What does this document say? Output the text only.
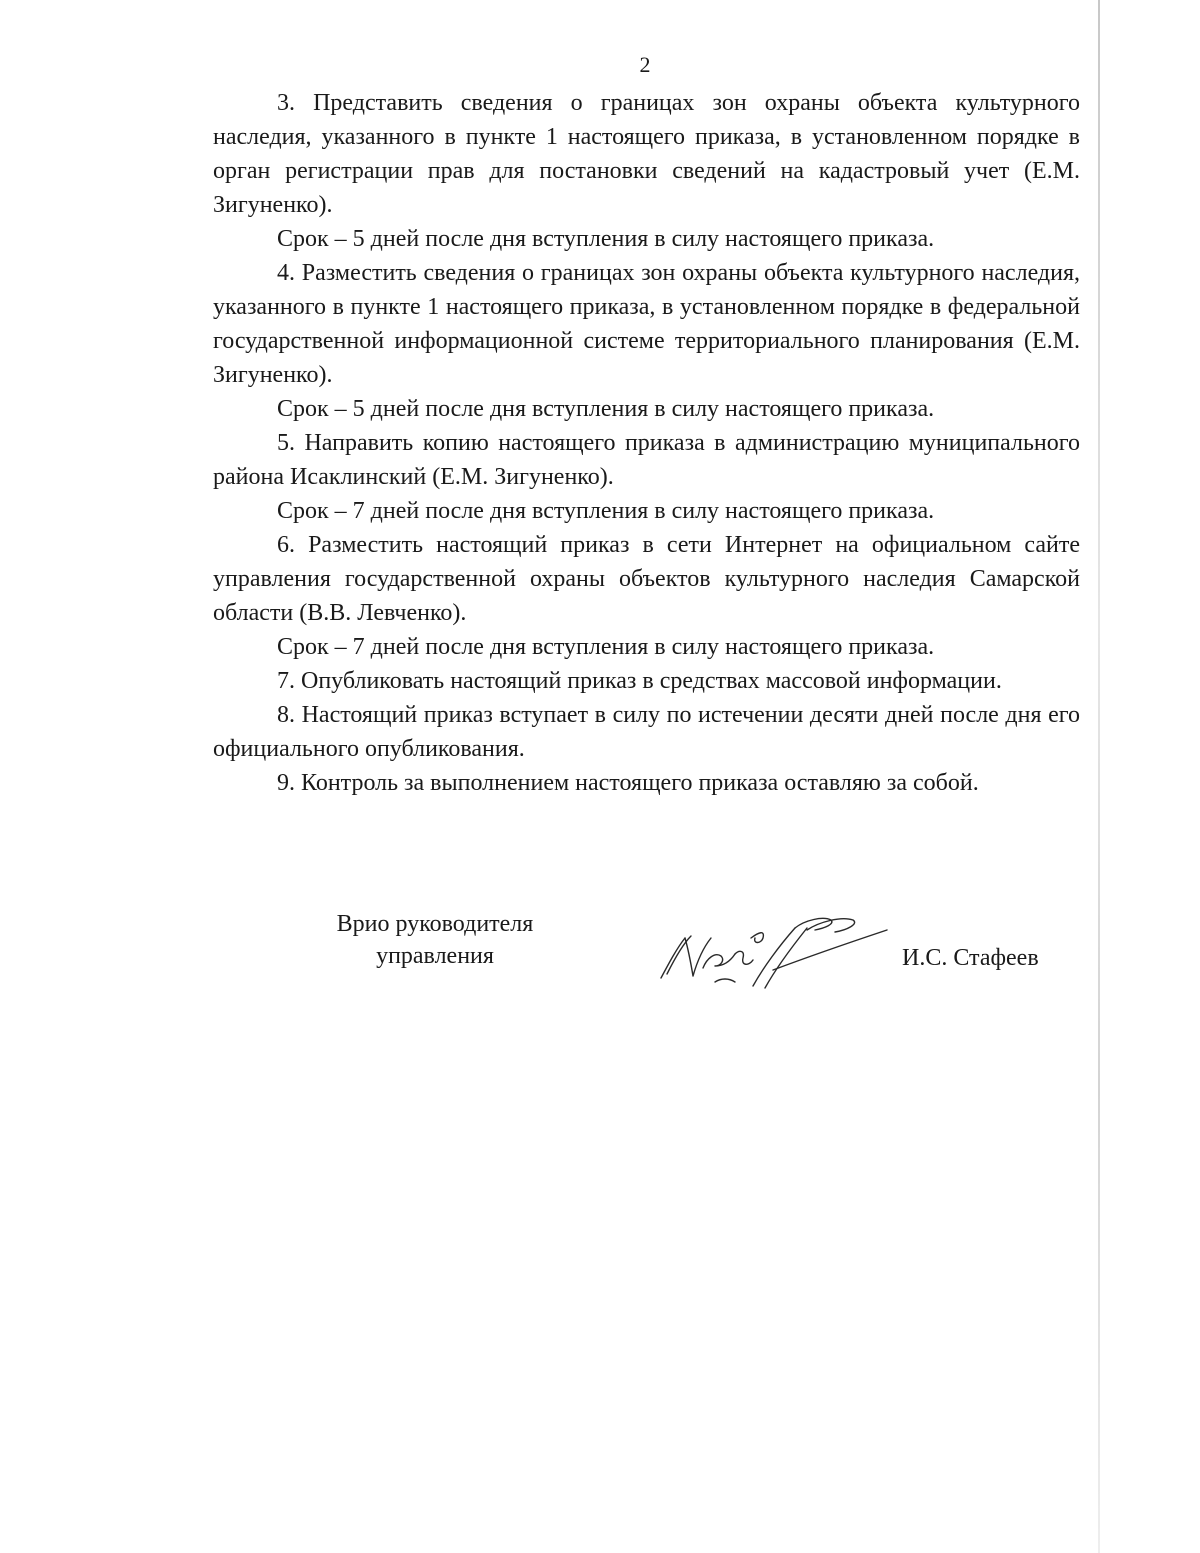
2

3. Представить сведения о границах зон охраны объекта культурного наследия, указанного в пункте 1 настоящего приказа, в установленном порядке в орган регистрации прав для постановки сведений на кадастровый учет (Е.М. Зигуненко).

Срок – 5 дней после дня вступления в силу настоящего приказа.

4. Разместить сведения о границах зон охраны объекта культурного наследия, указанного в пункте 1 настоящего приказа, в установленном порядке в федеральной государственной информационной системе территориального планирования (Е.М. Зигуненко).

Срок – 5 дней после дня вступления в силу настоящего приказа.

5. Направить копию настоящего приказа в администрацию муниципального района Исаклинский (Е.М. Зигуненко).

Срок – 7 дней после дня вступления в силу настоящего приказа.

6. Разместить настоящий приказ в сети Интернет на официальном сайте управления государственной охраны объектов культурного наследия Самарской области (В.В. Левченко).

Срок – 7 дней после дня вступления в силу настоящего приказа.

7. Опубликовать настоящий приказ в средствах массовой информации.

8. Настоящий приказ вступает в силу по истечении десяти дней после дня его официального опубликования.

9. Контроль за выполнением настоящего приказа оставляю за собой.

Врио руководителя
управления	И.С. Стафеев
